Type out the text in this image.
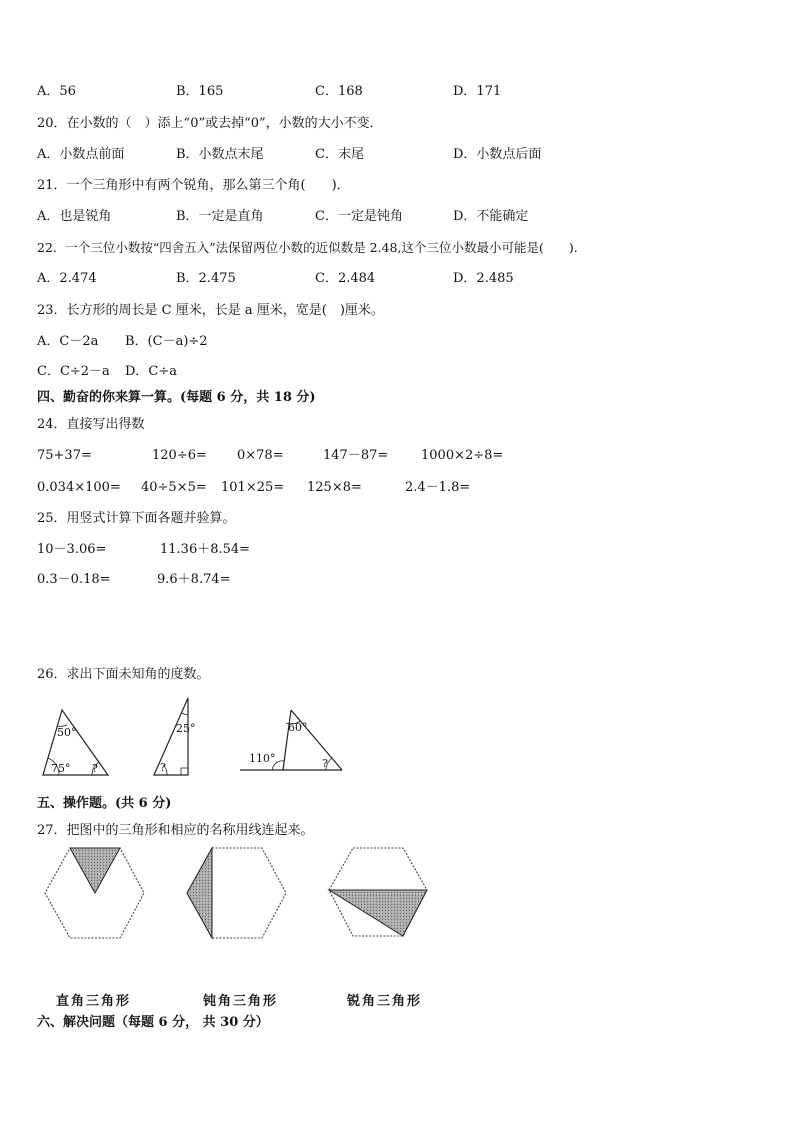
A．56	B．165	C．168	D．171
20．在小数的（　）添上“0”或去掉“0”，小数的大小不变．
A．小数点前面	B．小数点末尾	C．末尾	D．小数点后面
21．一个三角形中有两个锐角，那么第三个角(　　)．
A．也是锐角	B．一定是直角	C．一定是钝角	D．不能确定
22．一个三位小数按“四舍五入”法保留两位小数的近似数是 2.48,这个三位小数最小可能是(　　).
A．2.474	B．2.475	C．2.484	D．2.485
23．长方形的周长是 C 厘米，长是 a 厘米，宽是(　)厘米。
A．C－2a B．(C－a)÷2
C．C÷2－a D．C÷a
四、勤奋的你来算一算。(每题 6 分，共 18 分)
24．直接写出得数
75+37=	120÷6= 0×78=	147－87=	1000×2÷8=
0.034×100= 40÷5×5= 101×25= 125×8=	2.4－1.8=
25．用竖式计算下面各题并验算。
10－3.06=	11.36＋8.54=
0.3－0.18=	9.6＋8.74=
26．求出下面未知角的度数。
50°
75° ?
25°
?
60°
110°	?
五、操作题。(共 6 分)
27．把图中的三角形和相应的名称用线连起来。
直角三角形	钝角三角形	锐角三角形
六、解决问题（每题 6 分， 共 30 分）
